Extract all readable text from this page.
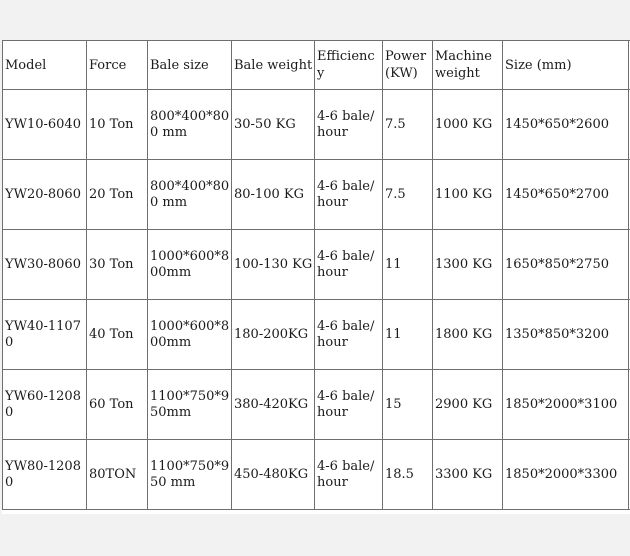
Model	Force	Bale size	Bale weight	Efficiency	Power (KW)	Machine weight	Size (mm)	
YW10-6040	10 Ton	800*400*800 mm	30-50 KG	4-6 bale/hour	7.5	1000 KG	1450*650*2600	
YW20-8060	20 Ton	800*400*800 mm	80-100 KG	4-6 bale/hour	7.5	1100 KG	1450*650*2700	
YW30-8060	30 Ton	1000*600*800mm	100-130 KG	4-6 bale/hour	11	1300 KG	1650*850*2750	
YW40-11070	40 Ton	1000*600*800mm	180-200KG	4-6 bale/hour	11	1800 KG	1350*850*3200	
YW60-12080	60 Ton	1100*750*950mm	380-420KG	4-6 bale/hour	15	2900 KG	1850*2000*3100	
YW80-12080	80TON	1100*750*950 mm	450-480KG	4-6 bale/hour	18.5	3300 KG	1850*2000*3300	
